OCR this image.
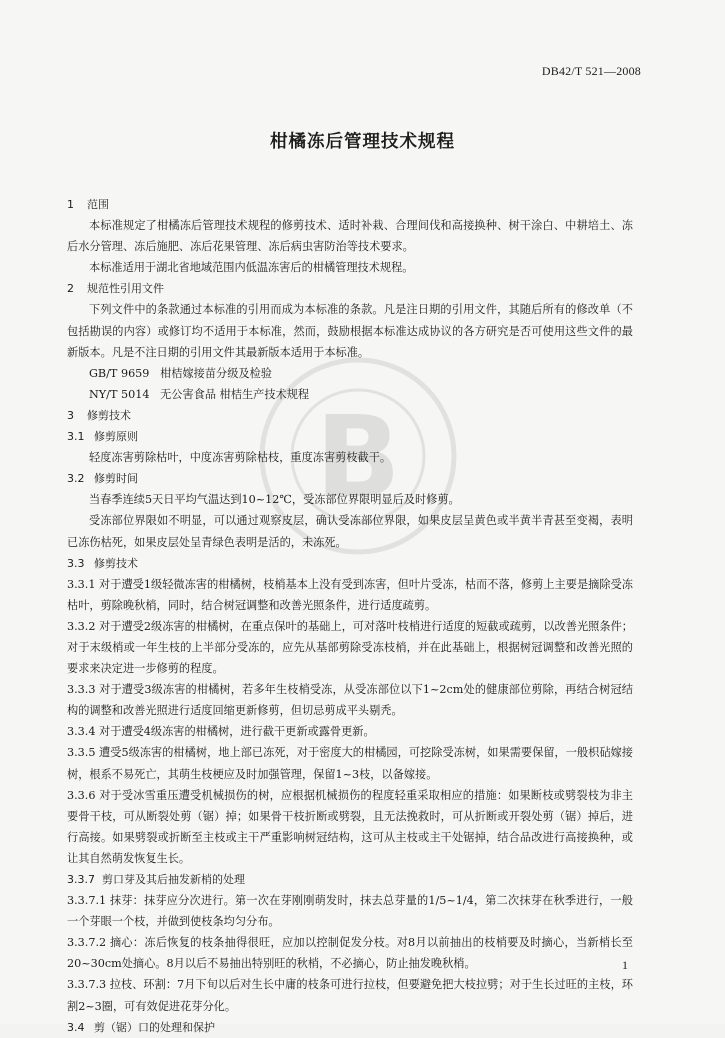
DB42/T 521—2008
柑橘冻后管理技术规程
B
1 范围
本标准规定了柑橘冻后管理技术规程的修剪技术、适时补栽、合理间伐和高接换种、树干涂白、中耕培土、冻后水分管理、冻后施肥、冻后花果管理、冻后病虫害防治等技术要求。
本标准适用于湖北省地域范围内低温冻害后的柑橘管理技术规程。
2 规范性引用文件
下列文件中的条款通过本标准的引用而成为本标准的条款。凡是注日期的引用文件，其随后所有的修改单（不包括勘误的内容）或修订均不适用于本标准，然而，鼓励根据本标准达成协议的各方研究是否可使用这些文件的最新版本。凡是不注日期的引用文件其最新版本适用于本标准。
GB/T 9659 柑桔嫁接苗分级及检验
NY/T 5014 无公害食品 柑桔生产技术规程
3 修剪技术
3.1 修剪原则
轻度冻害剪除枯叶，中度冻害剪除枯枝，重度冻害剪枝截干。
3.2 修剪时间
当春季连续5天日平均气温达到10~12℃，受冻部位界限明显后及时修剪。
受冻部位界限如不明显，可以通过观察皮层，确认受冻部位界限，如果皮层呈黄色或半黄半青甚至变褐，表明已冻伤枯死，如果皮层处呈青绿色表明是活的，未冻死。
3.3 修剪技术
3.3.1 对于遭受1级轻微冻害的柑橘树，枝梢基本上没有受到冻害，但叶片受冻，枯而不落，修剪上主要是摘除受冻枯叶，剪除晚秋梢，同时，结合树冠调整和改善光照条件，进行适度疏剪。
3.3.2 对于遭受2级冻害的柑橘树，在重点保叶的基础上，可对落叶枝梢进行适度的短截或疏剪，以改善光照条件；对于末级梢或一年生枝的上半部分受冻的，应先从基部剪除受冻枝梢，并在此基础上，根据树冠调整和改善光照的要求来决定进一步修剪的程度。
3.3.3 对于遭受3级冻害的柑橘树，若多年生枝梢受冻，从受冻部位以下1~2cm处的健康部位剪除，再结合树冠结构的调整和改善光照进行适度回缩更新修剪，但切忌剪成平头剔秃。
3.3.4 对于遭受4级冻害的柑橘树，进行截干更新或露骨更新。
3.3.5 遭受5级冻害的柑橘树，地上部已冻死，对于密度大的柑橘园，可挖除受冻树，如果需要保留，一般枳砧嫁接树，根系不易死亡，其萌生枝梗应及时加强管理，保留1~3枝，以备嫁接。
3.3.6 对于受冰雪重压遭受机械损伤的树，应根据机械损伤的程度轻重采取相应的措施：如果断枝或劈裂枝为非主要骨干枝，可从断裂处剪（锯）掉；如果骨干枝折断或劈裂，且无法挽救时，可从折断或开裂处剪（锯）掉后，进行高接。如果劈裂或折断至主枝或主干严重影响树冠结构，这可从主枝或主干处锯掉，结合品改进行高接换种，或让其自然萌发恢复生长。
3.3.7 剪口芽及其后抽发新梢的处理
3.3.7.1 抹芽：抹芽应分次进行。第一次在芽刚刚萌发时，抹去总芽量的1/5~1/4，第二次抹芽在秋季进行，一般一个芽眼一个枝，并做到使枝条均匀分布。
3.3.7.2 摘心：冻后恢复的枝条抽得很旺，应加以控制促发分枝。对8月以前抽出的枝梢要及时摘心，当新梢长至20~30cm处摘心。8月以后不易抽出特别旺的秋梢，不必摘心，防止抽发晚秋梢。
3.3.7.3 拉枝、环割：7月下旬以后对生长中庸的枝条可进行拉枝，但要避免把大枝拉劈；对于生长过旺的主枝，环割2~3圈，可有效促进花芽分化。
3.4 剪（锯）口的处理和保护
1
